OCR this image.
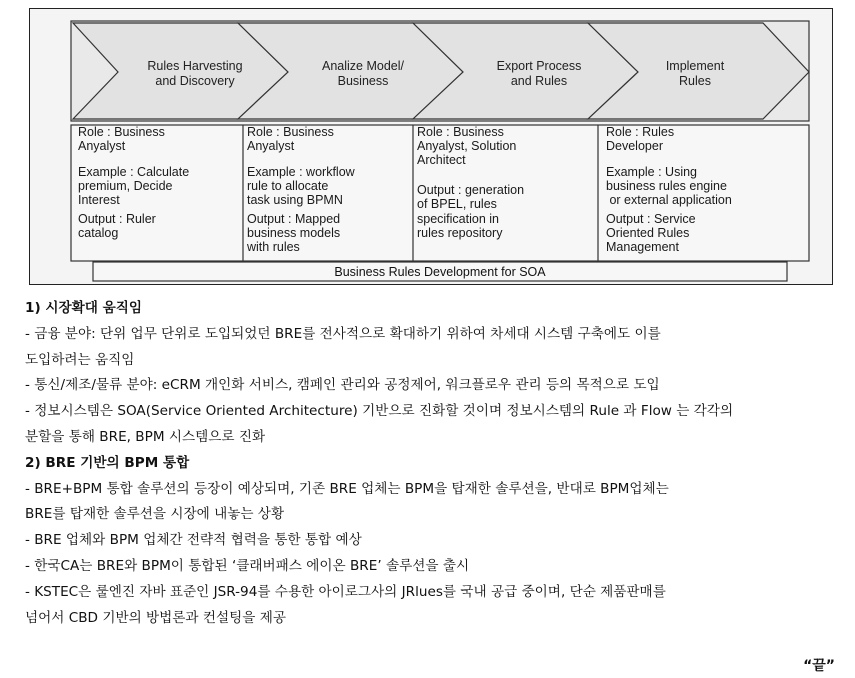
Rules Harvesting
and Discovery
Analize Model/
Business
Export Process
and Rules
Implement
Rules
Role : Business
Anyalyst
Example : Calculate
premium, Decide
Interest
Output : Ruler
catalog
Role : Business
Anyalyst
Example : workflow
rule to allocate
task using BPMN
Output : Mapped
business models
with rules
Role : Business
Anyalyst, Solution
Architect
Output : generation
of BPEL, rules
specification in
rules repository
Role : Rules
Developer
Example : Using
business rules engine
or external application
Output : Service
Oriented Rules
Management
Business Rules Development for SOA
1) 시장확대 움직임
- 금융 분야: 단위 업무 단위로 도입되었던 BRE를 전사적으로 확대하기 위하여 차세대 시스템 구축에도 이를
도입하려는 움직임
- 통신/제조/물류 분야: eCRM 개인화 서비스, 캠페인 관리와 공정제어, 워크플로우 관리 등의 목적으로 도입
- 정보시스템은 SOA(Service Oriented Architecture) 기반으로 진화할 것이며 정보시스템의 Rule 과 Flow 는 각각의
분할을 통해 BRE, BPM 시스템으로 진화
2) BRE 기반의 BPM 통합
- BRE+BPM 통합 솔루션의 등장이 예상되며, 기존 BRE 업체는 BPM을 탑재한 솔루션을, 반대로 BPM업체는
BRE를 탑재한 솔루션을 시장에 내놓는 상황
- BRE 업체와 BPM 업체간 전략적 협력을 통한 통합 예상
- 한국CA는 BRE와 BPM이 통합된 ‘클래버패스 에이온 BRE’ 솔루션을 출시
- KSTEC은 룰엔진 자바 표준인 JSR-94를 수용한 아이로그사의 JRlues를 국내 공급 중이며, 단순 제품판매를
넘어서 CBD 기반의 방법론과 컨설팅을 제공
“끝”
